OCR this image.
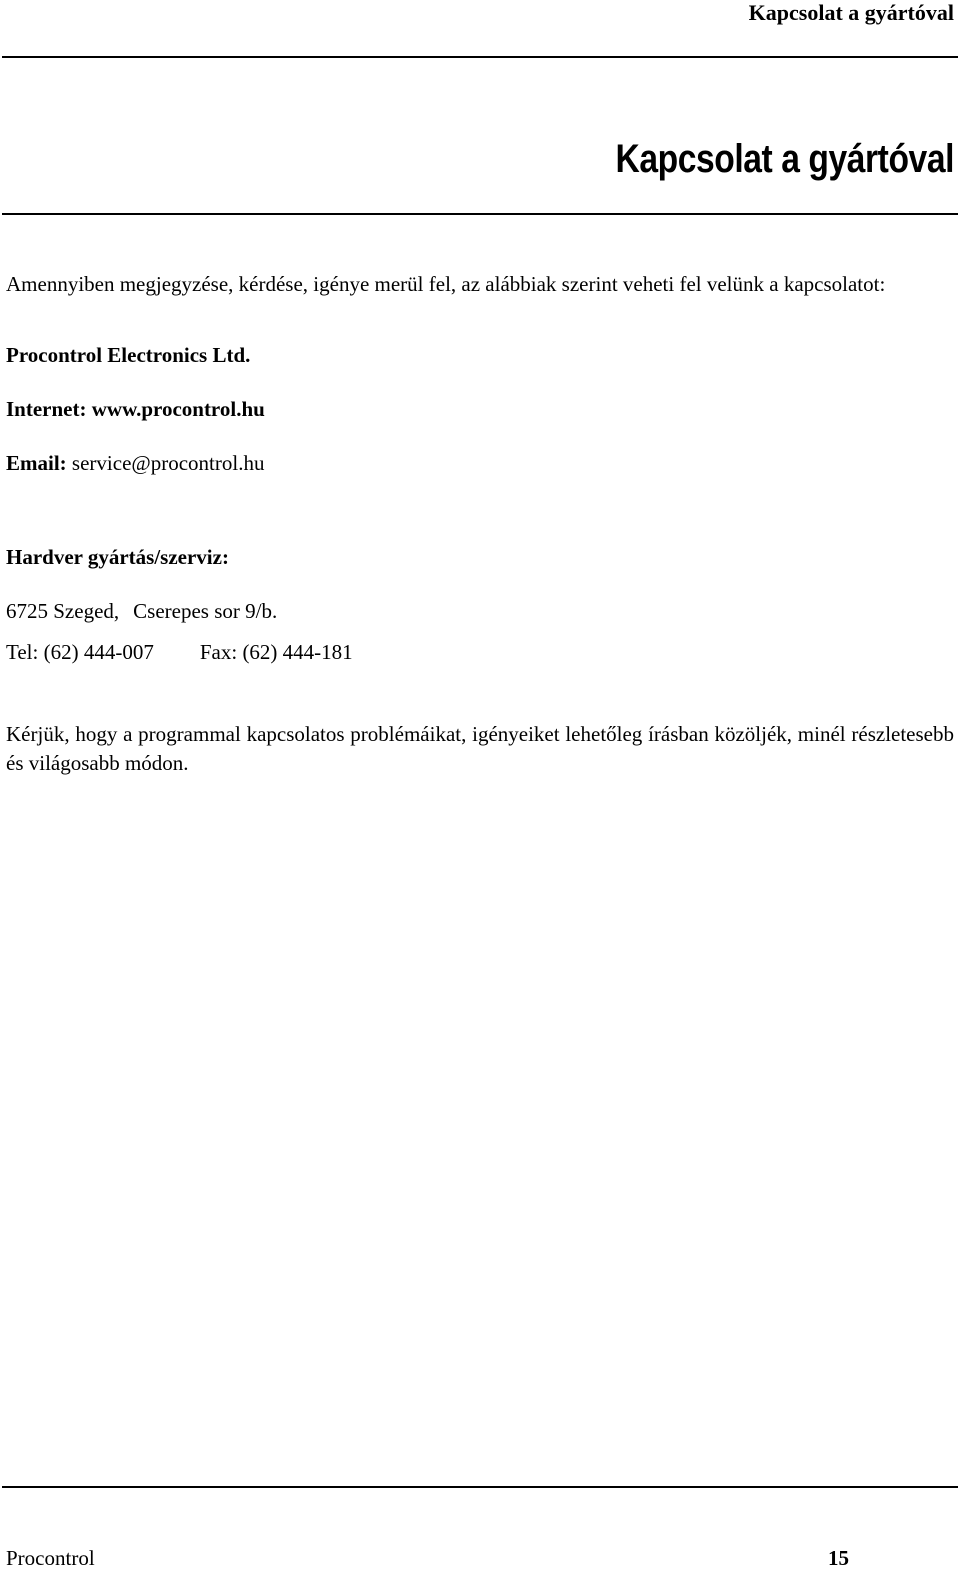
Kapcsolat a gyártóval
Kapcsolat a gyártóval
Amennyiben megjegyzése, kérdése, igénye merül fel, az alábbiak szerint veheti fel velünk a kapcsolatot:
Procontrol Electronics Ltd.
Internet: www.procontrol.hu
Email: service@procontrol.hu
Hardver gyártás/szerviz:
6725 Szeged, Cserepes sor 9/b.
Tel: (62) 444-007 Fax: (62) 444-181
Kérjük, hogy a programmal kapcsolatos problémáikat, igényeiket lehetőleg írásban közöljék, minél részletesebb és világosabb módon.
Procontrol	15
